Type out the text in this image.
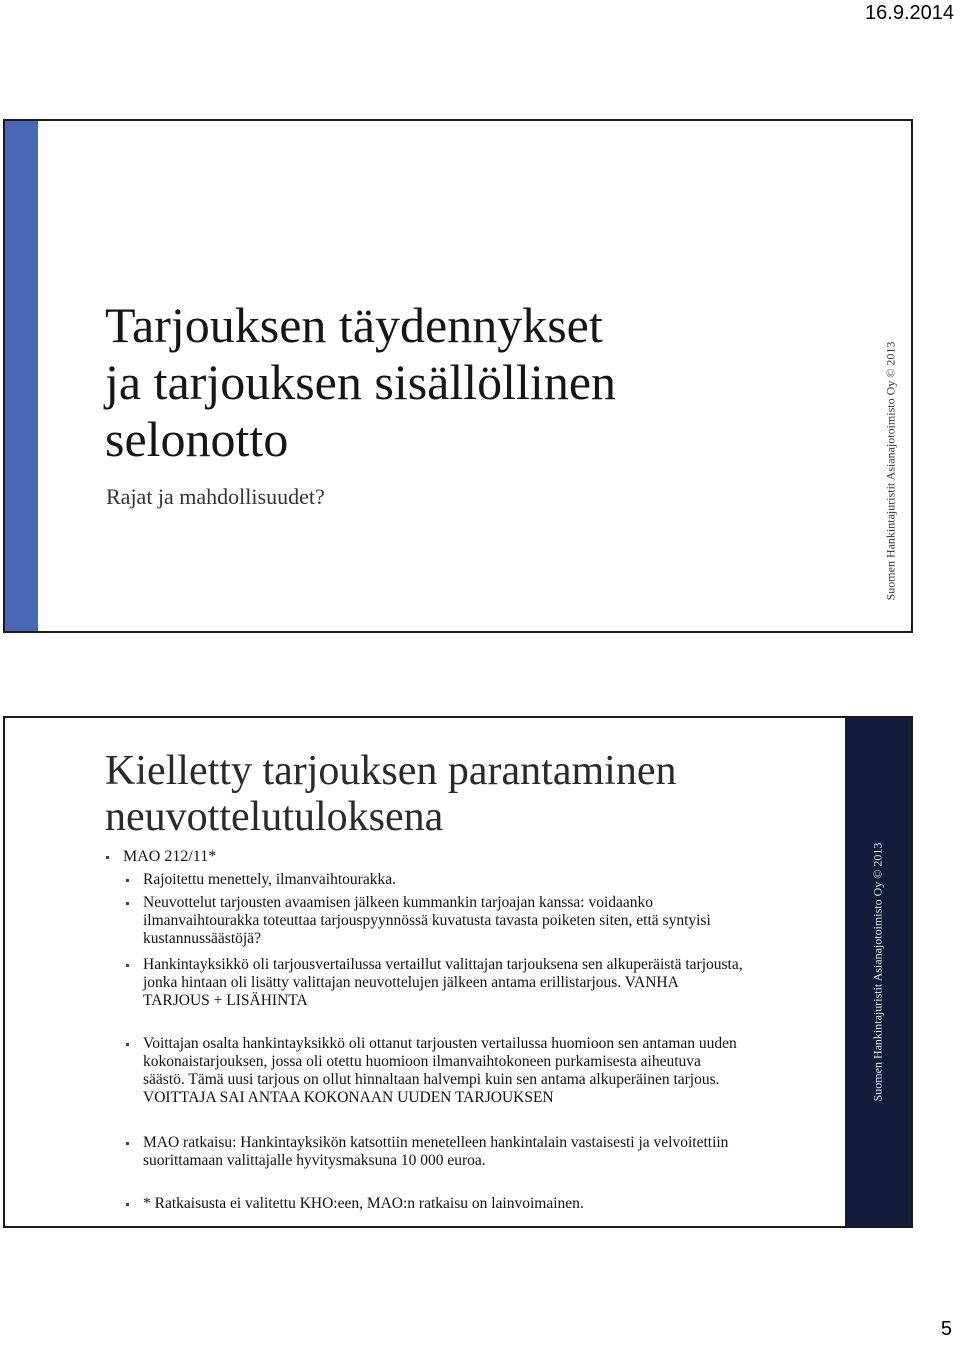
16.9.2014
Tarjouksen täydennykset
ja tarjouksen sisällöllinen
selonotto
Rajat ja mahdollisuudet?	Suomen Hankintajuristit Asianajotoimisto Oy © 2013
Suomen Hankintajuristit Asianajotoimisto Oy © 2013
Kielletty tarjouksen parantaminen
neuvottelutuloksena
MAO 212/11*
Rajoitettu menettely, ilmanvaihtourakka.
Neuvottelut tarjousten avaamisen jälkeen kummankin tarjoajan kanssa: voidaanko ilmanvaihtourakka toteuttaa tarjouspyynnössä kuvatusta tavasta poiketen siten, että syntyisi kustannussäästöjä?
Hankintayksikkö oli tarjousvertailussa vertaillut valittajan tarjouksena sen alkuperäistä tarjousta, jonka hintaan oli lisätty valittajan neuvottelujen jälkeen antama erillistarjous. VANHA TARJOUS + LISÄHINTA
Voittajan osalta hankintayksikkö oli ottanut tarjousten vertailussa huomioon sen antaman uuden kokonaistarjouksen, jossa oli otettu huomioon ilmanvaihtokoneen purkamisesta aiheutuva säästö. Tämä uusi tarjous on ollut hinnaltaan halvempi kuin sen antama alkuperäinen tarjous. VOITTAJA SAI ANTAA KOKONAAN UUDEN TARJOUKSEN
MAO ratkaisu: Hankintayksikön katsottiin menetelleen hankintalain vastaisesti ja velvoitettiin suorittamaan valittajalle hyvitysmaksuna 10 000 euroa.
* Ratkaisusta ei valitettu KHO:een, MAO:n ratkaisu on lainvoimainen.
5
